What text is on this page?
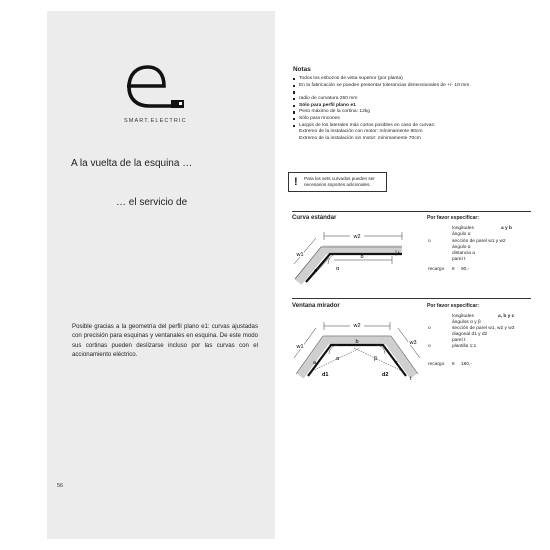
SMART.ELECTRIC
A la vuelta de la esquina …
… el servicio de

Posible gracias a la geometría del perfil plano e1: curvas ajustadas con precisión para esquinas y ventanales en esquina. De este modo sus cortinas pueden deslizarse incluso por las curvas con el accionamiento eléctrico.

56
Notas
Todos los esbozos de vista superior (por planta)
En la fabricación se pueden presentar tolerancias dimensionales de +/- 10 mm
radio de curvatura 250 mm
Sólo para perfil plano e1
Peso máximo de la cortina: 12kg
Sólo para rincones
Largos de los laterales más cortos posibles en caso de curvas:
Extremo de la instalación con motor: mínimamente 80cm
Extremo de la instalación sin motor: mínimamente 70cm
! Para los sets curvados pueden ser necesarios soportes adicionales.
Curva estándar	Por favor especificar:
longitudes	a y b
ángulo α
o	sección de parel w1 y w2
ángulo α
distancia a
parel t
recargo € 90,-
w2
w1	b
a	α
t
Ventana mirador	Por favor especificar:
longitudes	a, b y c
ángulos α y β
o	sección de parel w1, w2 y w3
diagonal d1 y d2
parel t
o	plantilla 1:1
recargo € 180,-
w2
w1
w3
b
a	c
d1	d2
α	β
t
